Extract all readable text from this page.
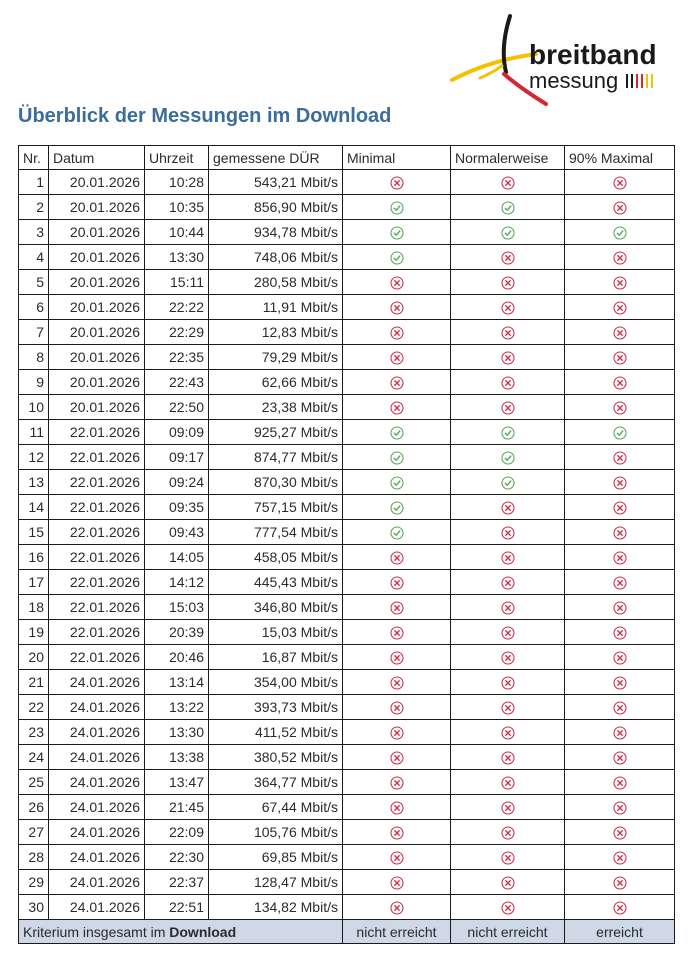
breitband
messung
Überblick der Messungen im Download
Nr.	Datum	Uhrzeit	gemessene DÜR	Minimal	Normalerweise	90% Maximal
1	20.01.2026	10:28	543,21 Mbit/s			
2	20.01.2026	10:35	856,90 Mbit/s			
3	20.01.2026	10:44	934,78 Mbit/s			
4	20.01.2026	13:30	748,06 Mbit/s			
5	20.01.2026	15:11	280,58 Mbit/s			
6	20.01.2026	22:22	11,91 Mbit/s			
7	20.01.2026	22:29	12,83 Mbit/s			
8	20.01.2026	22:35	79,29 Mbit/s			
9	20.01.2026	22:43	62,66 Mbit/s			
10	20.01.2026	22:50	23,38 Mbit/s			
11	22.01.2026	09:09	925,27 Mbit/s			
12	22.01.2026	09:17	874,77 Mbit/s			
13	22.01.2026	09:24	870,30 Mbit/s			
14	22.01.2026	09:35	757,15 Mbit/s			
15	22.01.2026	09:43	777,54 Mbit/s			
16	22.01.2026	14:05	458,05 Mbit/s			
17	22.01.2026	14:12	445,43 Mbit/s			
18	22.01.2026	15:03	346,80 Mbit/s			
19	22.01.2026	20:39	15,03 Mbit/s			
20	22.01.2026	20:46	16,87 Mbit/s			
21	24.01.2026	13:14	354,00 Mbit/s			
22	24.01.2026	13:22	393,73 Mbit/s			
23	24.01.2026	13:30	411,52 Mbit/s			
24	24.01.2026	13:38	380,52 Mbit/s			
25	24.01.2026	13:47	364,77 Mbit/s			
26	24.01.2026	21:45	67,44 Mbit/s			
27	24.01.2026	22:09	105,76 Mbit/s			
28	24.01.2026	22:30	69,85 Mbit/s			
29	24.01.2026	22:37	128,47 Mbit/s			
30	24.01.2026	22:51	134,82 Mbit/s			
Kriterium insgesamt im Download				nicht erreicht	nicht erreicht	erreicht
